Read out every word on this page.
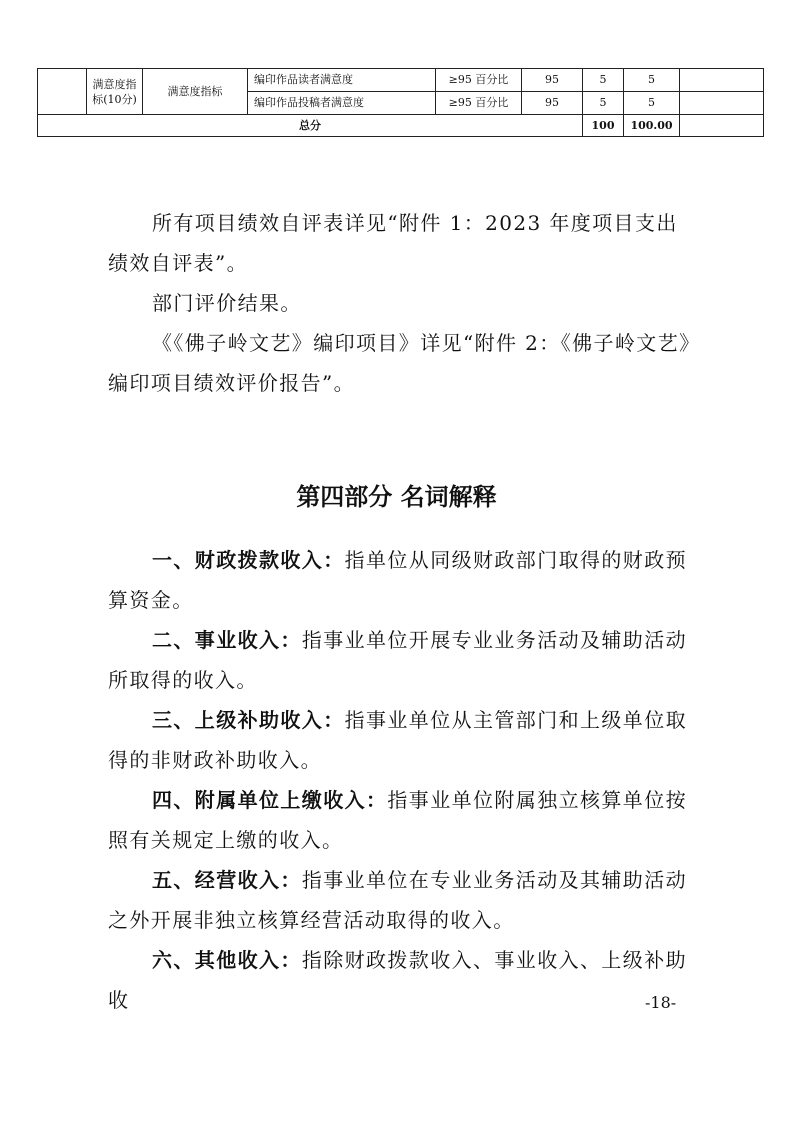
	满意度指标(10分)	满意度指标	编印作品读者满意度	≥95 百分比	95	5	5	
			编印作品投稿者满意度	≥95 百分比	95	5	5	
总分						100	100.00	

所有项目绩效自评表详见“附件 1：2023 年度项目支出绩效自评表”。

部门评价结果。

《《佛子岭文艺》编印项目》详见“附件 2：《佛子岭文艺》编印项目绩效评价报告”。

第四部分 名词解释

一、财政拨款收入：指单位从同级财政部门取得的财政预算资金。

二、事业收入：指事业单位开展专业业务活动及辅助活动所取得的收入。

三、上级补助收入：指事业单位从主管部门和上级单位取得的非财政补助收入。

四、附属单位上缴收入：指事业单位附属独立核算单位按照有关规定上缴的收入。

五、经营收入：指事业单位在专业业务活动及其辅助活动之外开展非独立核算经营活动取得的收入。

六、其他收入：指除财政拨款收入、事业收入、上级补助收	-18-
